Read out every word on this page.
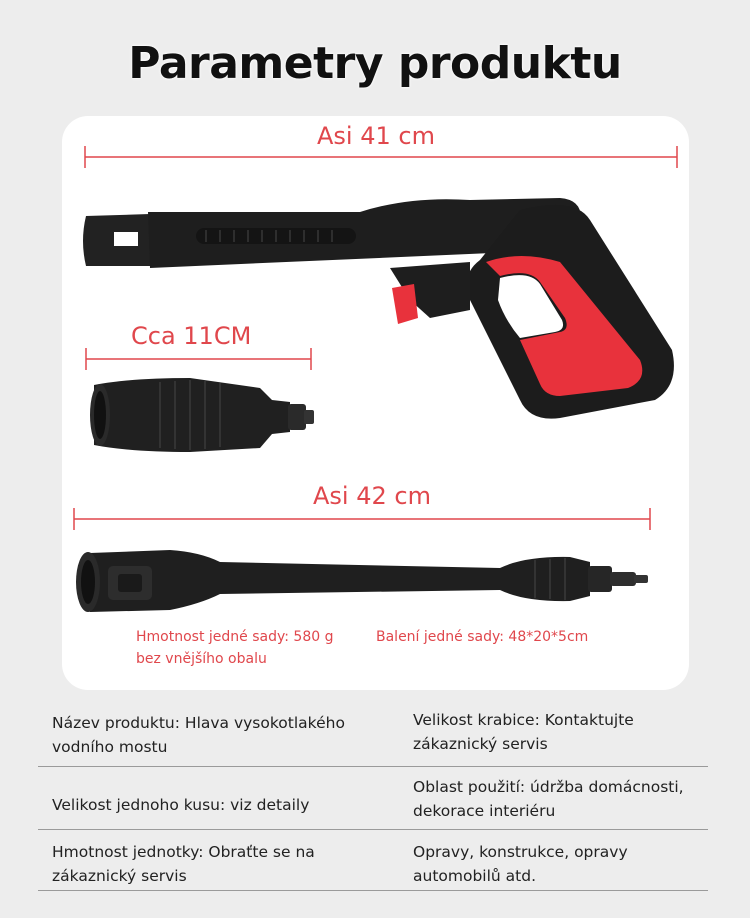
Parametry produktu
Asi 41 cm
Cca 11CM
Asi 42 cm
Hmotnost jedné sady: 580 g bez vnějšího obalu
Balení jedné sady: 48*20*5cm
Název produktu: Hlava vysokotlakého vodního mostu
Velikost krabice: Kontaktujte zákaznický servis
Velikost jednoho kusu: viz detaily
Oblast použití: údržba domácnosti, dekorace interiéru
Hmotnost jednotky: Obraťte se na zákaznický servis
Opravy, konstrukce, opravy automobilů atd.
